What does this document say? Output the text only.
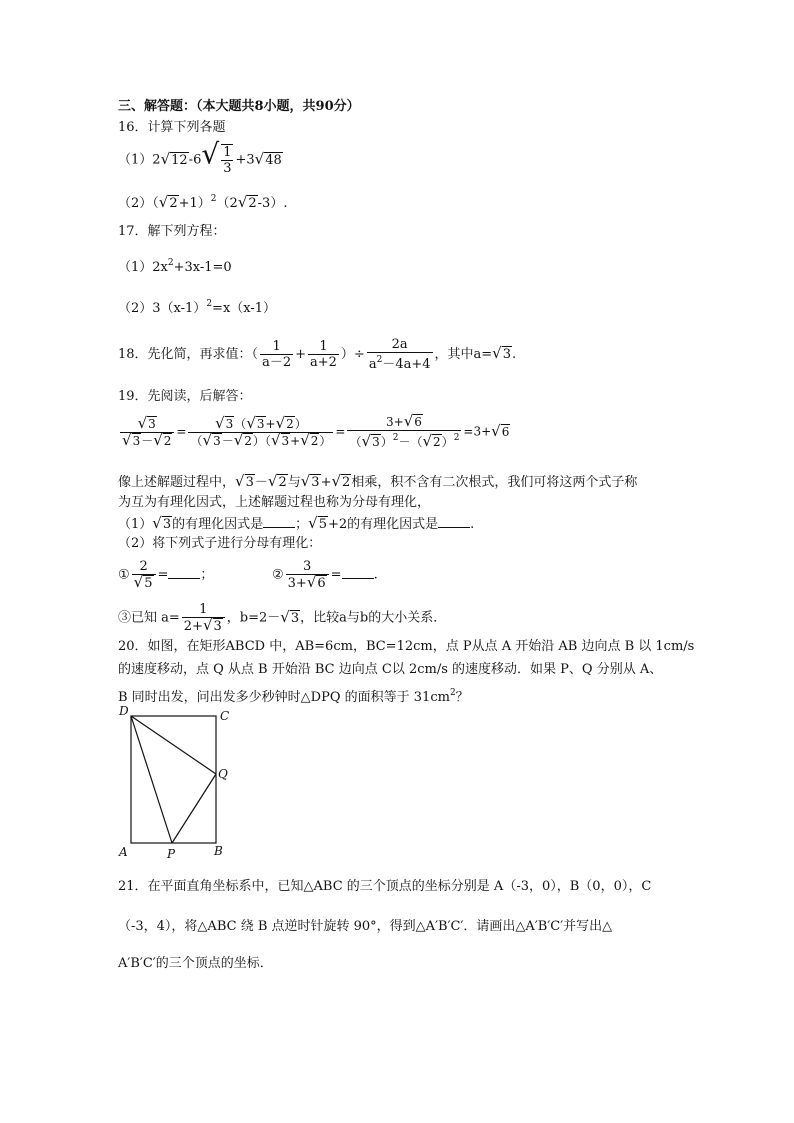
三、解答题：（本大题共8小题，共90分）
16．计算下列各题
$(1)2√12-6√ \frac{1}{3} +3√48$
$(2)(√2+1)^2(2√2-3)$.
17．解下列方程：
$(1)2x^2+3x-1=0$
$(2)3(x-1)^2=x(x-1)$
18．先化简，再求值：（ $\frac{1}{a-2} + \frac{1}{a+2}$ ）÷ $\frac{2a}{a^2-4a+4}$ ，其中a=√3.
19．先阅读，后解答：
$\frac{√3}{√3-√2} = \frac{√3(√3+√2)}{(√3-√2)(√3+√2)} = \frac{3+√6}{(√3)^2-(√2)^2} =3+√6$
像上述解题过程中，√3－√2与√3+√2相乘，积不含有二次根式，我们可将这两个式子称
为互为有理化因式，上述解题过程也称为分母有理化，
（1）√3的有理化因式是 ；√5+2的有理化因式是 .
（2）将下列式子进行分母有理化：
① $\frac{2}{√5}$ = ；	② $\frac{3}{3+√6}$ = .
③已知 $a= \frac{1}{2+√3}$ ，b=2－√3，比较a与b的大小关系．
20．如图，在矩形ABCD 中，AB=6cm，BC=12cm，点 P从点 A 开始沿 AB 边向点 B 以 1cm/s
的速度移动，点 Q 从点 B 开始沿 BC 边向点 C以 2cm/s 的速度移动．如果 P、Q 分别从 A、
B 同时出发，问出发多少秒钟时△DPQ 的面积等于 $31cm^2$？
D	C
Q
A	P	B
21．在平面直角坐标系中，已知△ABC 的三个顶点的坐标分别是 A（-3，0），B（0，0），C
（-3，4），将△ABC 绕 B 点逆时针旋转 90°，得到△A′B′C′．请画出△A′B′C′并写出△
A′B′C′的三个顶点的坐标．
